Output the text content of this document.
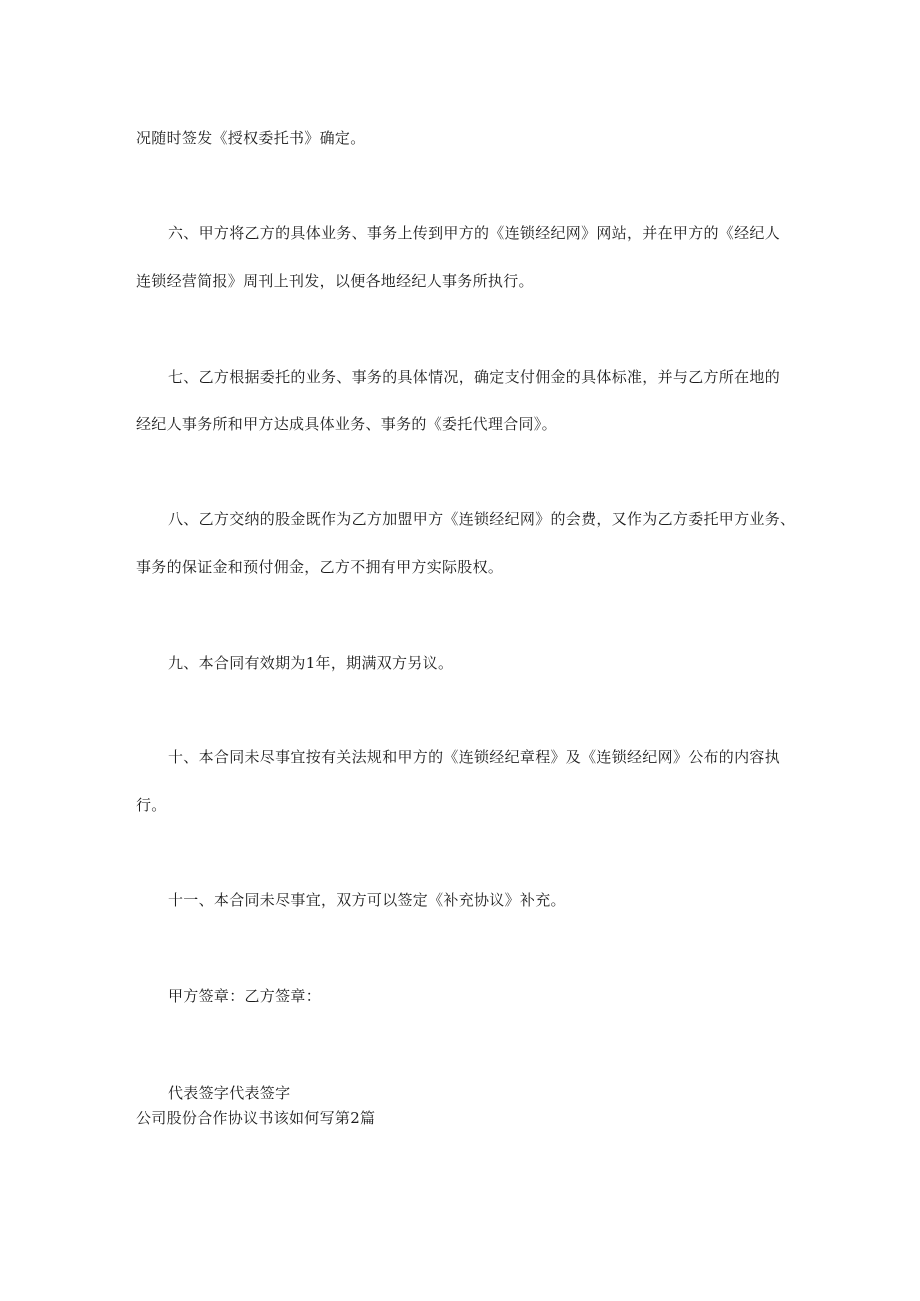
况随时签发《授权委托书》确定。
六、甲方将乙方的具体业务、事务上传到甲方的《连锁经纪网》网站，并在甲方的《经纪人
连锁经营简报》周刊上刊发，以便各地经纪人事务所执行。
七、乙方根据委托的业务、事务的具体情况，确定支付佣金的具体标准，并与乙方所在地的
经纪人事务所和甲方达成具体业务、事务的《委托代理合同》。
八、乙方交纳的股金既作为乙方加盟甲方《连锁经纪网》的会费，又作为乙方委托甲方业务、
事务的保证金和预付佣金，乙方不拥有甲方实际股权。
九、本合同有效期为1年，期满双方另议。
十、本合同未尽事宜按有关法规和甲方的《连锁经纪章程》及《连锁经纪网》公布的内容执
行。
十一、本合同未尽事宜，双方可以签定《补充协议》补充。
甲方签章：乙方签章：
代表签字代表签字
公司股份合作协议书该如何写第2篇
